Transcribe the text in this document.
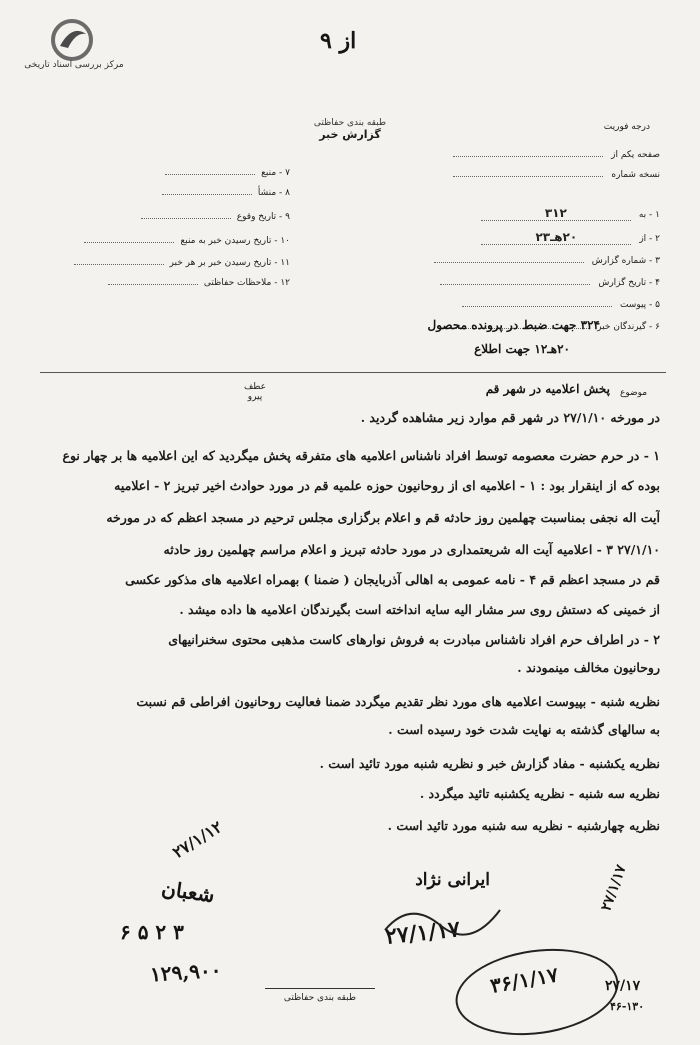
مرکز بررسی اسناد تاریخی
از ۹
طبقه بندی حفاظتی
گزارش خبر
درجه فوریت
صفحه یکم از
نسخه شماره
۱ - به۳۱۲
۲ - از۲۰هـ۲۳
۳ - شماره گزارش
۴ - تاریخ گزارش
۵ - پیوست
۶ - گیرندگان خبر
۷ - منبع
۸ - منشأ
۹ - تاریخ وقوع
۱۰ - تاریخ رسیدن خبر به منبع
۱۱ - تاریخ رسیدن خبر بر هر خبر
۱۲ - ملاحظات حفاظتی
۳۲۴ جهت ضبط در پرونده محصول
۲۰هـ۱۲ جهت اطلاع
موضوع
پخش اعلامیه در شهر قم
عطف
پیرو
در مورخه ۲۷/۱/۱۰ در شهر قم موارد زیر مشاهده گردید .
۱ - در حرم حضرت معصومه توسط افراد ناشناس اعلامیه های متفرقه پخش میگردید که این اعلامیه ها بر چهار نوع
بوده که از اینقرار بود : ۱ - اعلامیه ای از روحانیون حوزه علمیه قم در مورد حوادث اخیر تبریز ۲ - اعلامیه
آیت اله نجفی بمناسبت چهلمین روز حادثه قم و اعلام برگزاری مجلس ترحیم در مسجد اعظم که در مورخه
۲۷/۱/۱۰ ۳ - اعلامیه آیت اله شریعتمداری در مورد حادثه تبریز و اعلام مراسم چهلمین روز حادثه
قم در مسجد اعظم قم ۴ - نامه عمومی به اهالی آذربایجان ( ضمنا ) بهمراه اعلامیه های مذکور عکسی
از خمینی که دستش روی سر مشار الیه سایه انداخته است بگیرندگان اعلامیه ها داده میشد .
۲ - در اطراف حرم افراد ناشناس مبادرت به فروش نوارهای کاست مذهبی محتوی سخنرانیهای
روحانیون مخالف مینمودند .
نظریه شنبه - بپیوست اعلامیه های مورد نظر تقدیم میگردد ضمنا فعالیت روحانیون افراطی قم نسبت
به سالهای گذشته به نهایت شدت خود رسیده است .
نظریه یکشنبه - مفاد گزارش خبر و نظریه شنبه مورد تائید است .
نظریه سه شنبه - نظریه یکشنبه تائید میگردد .
نظریه چهارشنبه - نظریه سه شنبه مورد تائید است .
۲۷/۱/۱۲
ایرانی نژاد
۲۷/۱/۱۷
شعبان
۶ ۵ ۲ ۳
۱۲۹,۹۰۰
۲۷/۱/۱۷
۳۶/۱/۱۷	۲۷/۱۷
۴۶-۱۳۰
طبقه بندی حفاظتی
